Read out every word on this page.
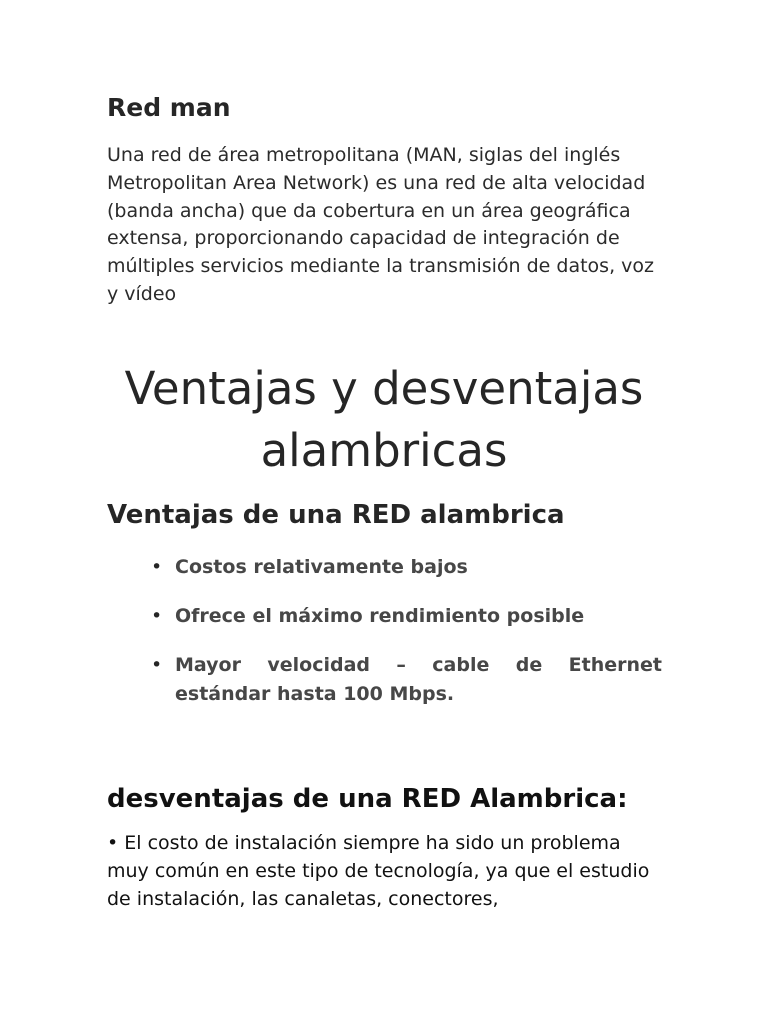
Red man

Una red de área metropolitana (MAN, siglas del inglés Metropolitan Area Network) es una red de alta velocidad (banda ancha) que da cobertura en un área geográfica extensa, proporcionando capacidad de integración de múltiples servicios mediante la transmisión de datos, voz y vídeo

Ventajas y desventajas
alambricas
Ventajas de una RED alambrica
• Costos relativamente bajos
• Ofrece el máximo rendimiento posible
• Mayor velocidad – cable de Ethernet estándar hasta 100 Mbps.
desventajas de una RED Alambrica:

• El costo de instalación siempre ha sido un problema muy común en este tipo de tecnología, ya que el estudio de instalación, las canaletas, conectores,
